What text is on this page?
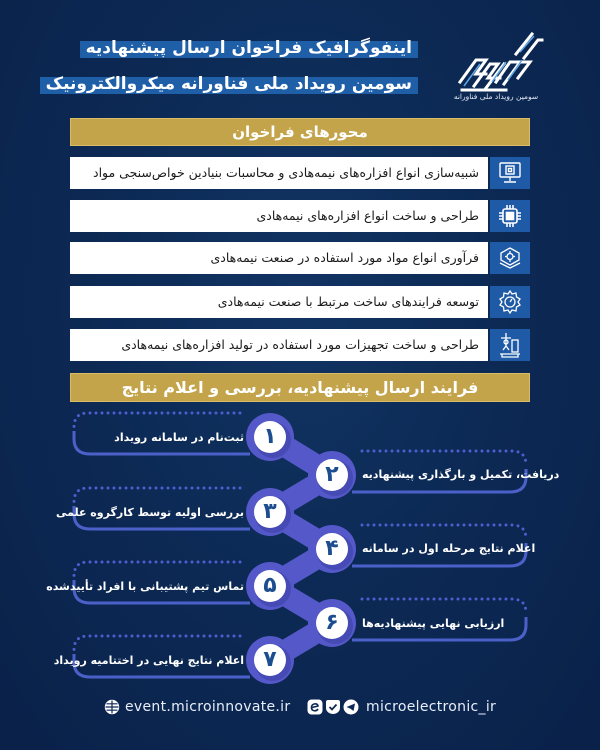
اینفوگرافیک فراخوان ارسال پیشنهادیه
سومین رویداد ملی فناورانه میکروالکترونیک
سومین رویداد ملی فناورانه
محورهای فراخوان
شبیه‌سازی انواع افزاره‌های نیمه‌هادی و محاسبات بنیادین خواص‌سنجی مواد
طراحی و ساخت انواع افزاره‌های نیمه‌هادی
فرآوری انواع مواد مورد استفاده در صنعت نیمه‌هادی
توسعه فرایندهای ساخت مرتبط با صنعت نیمه‌هادی
طراحی و ساخت تجهیزات مورد استفاده در تولید افزاره‌های نیمه‌هادی
فرایند ارسال پیشنهادیه، بررسی و اعلام نتایج
ثبت‌نام در سامانه رویداد
دریافت، تکمیل و بارگذاری پیشنهادیه
بررسی اولیه توسط کارگروه علمی
اعلام نتایج مرحله اول در سامانه
تماس تیم پشتیبانی با افراد تأییدشده
ارزیابی نهایی پیشنهادیه‌ها
اعلام نتایج نهایی در اختتامیه رویداد
۱
۲
۳
۴
۵
۶
۷
event.microinnovate.ir	microelectronic_ir
